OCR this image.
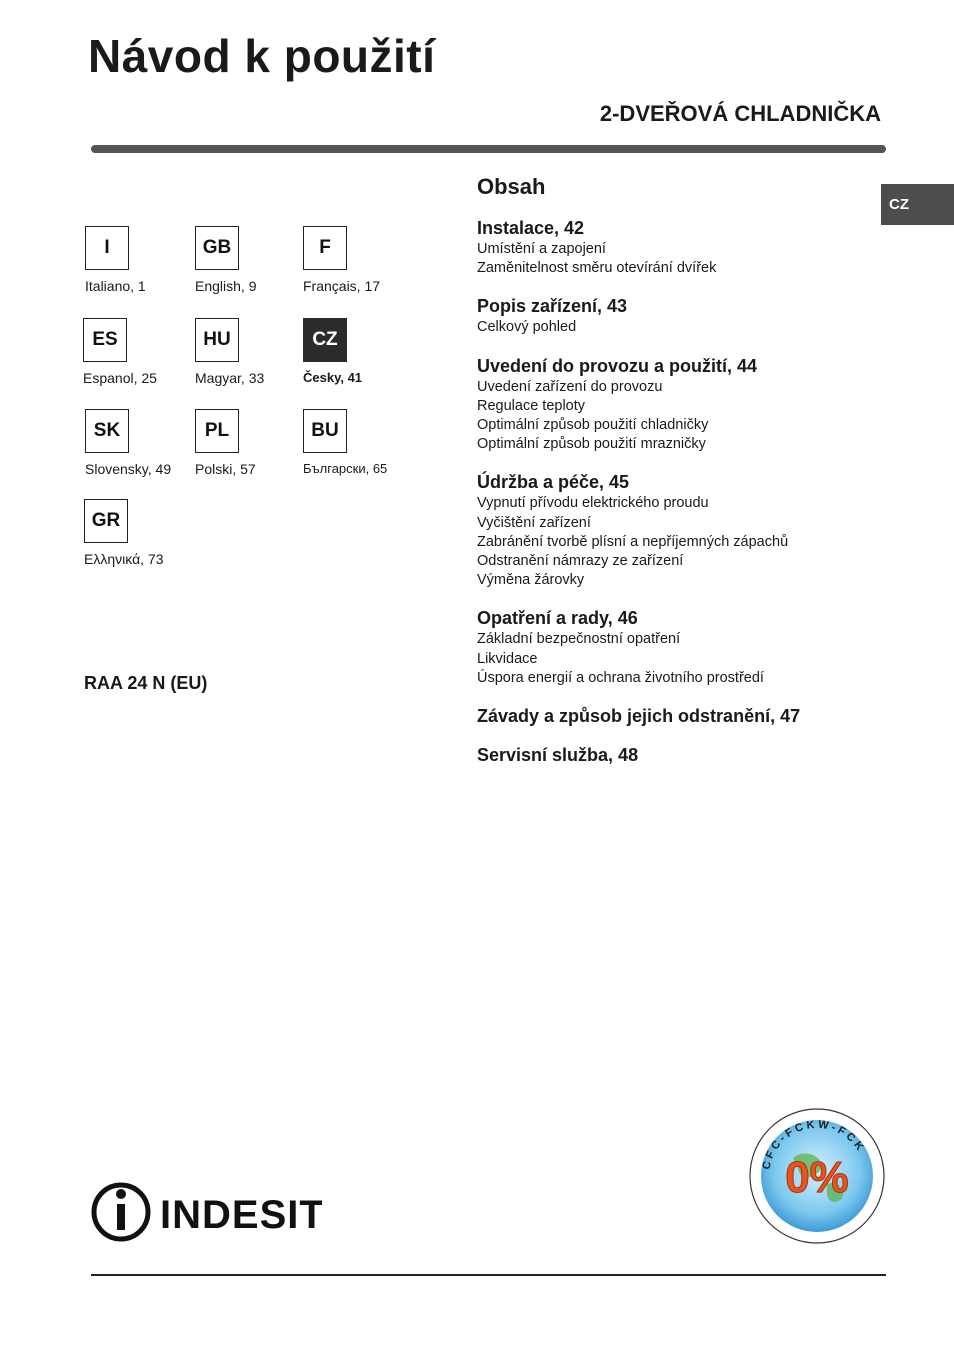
Návod k použití
2-DVEŘOVÁ CHLADNIČKA
CZ
I
Italiano, 1
GB
English, 9
F
Français, 17
ES
Espanol, 25
HU
Magyar, 33
CZ
Česky, 41
SK
Slovensky, 49
PL
Polski, 57
BU
Български, 65
GR
Ελληνικά, 73
RAA 24 N (EU)
Obsah
Instalace, 42
Umístění a zapojení
Zaměnitelnost směru otevírání dvířek
Popis zařízení, 43
Celkový pohled
Uvedení do provozu a použití, 44
Uvedení zařízení do provozu
Regulace teploty
Optimální způsob použití chladničky
Optimální způsob použití mrazničky
Údržba a péče, 45
Vypnutí přívodu elektrického proudu
Vyčištění zařízení
Zabránění tvorbě plísní a nepříjemných zápachů
Odstranění námrazy ze zařízení
Výměna žárovky
Opatření a rady, 46
Základní bezpečnostní opatření
Likvidace
Úspora energií a ochrana životního prostředí
Závady a způsob jejich odstranění, 47
Servisní služba, 48
INDESIT
CFC-FCKW-FCK
0%
